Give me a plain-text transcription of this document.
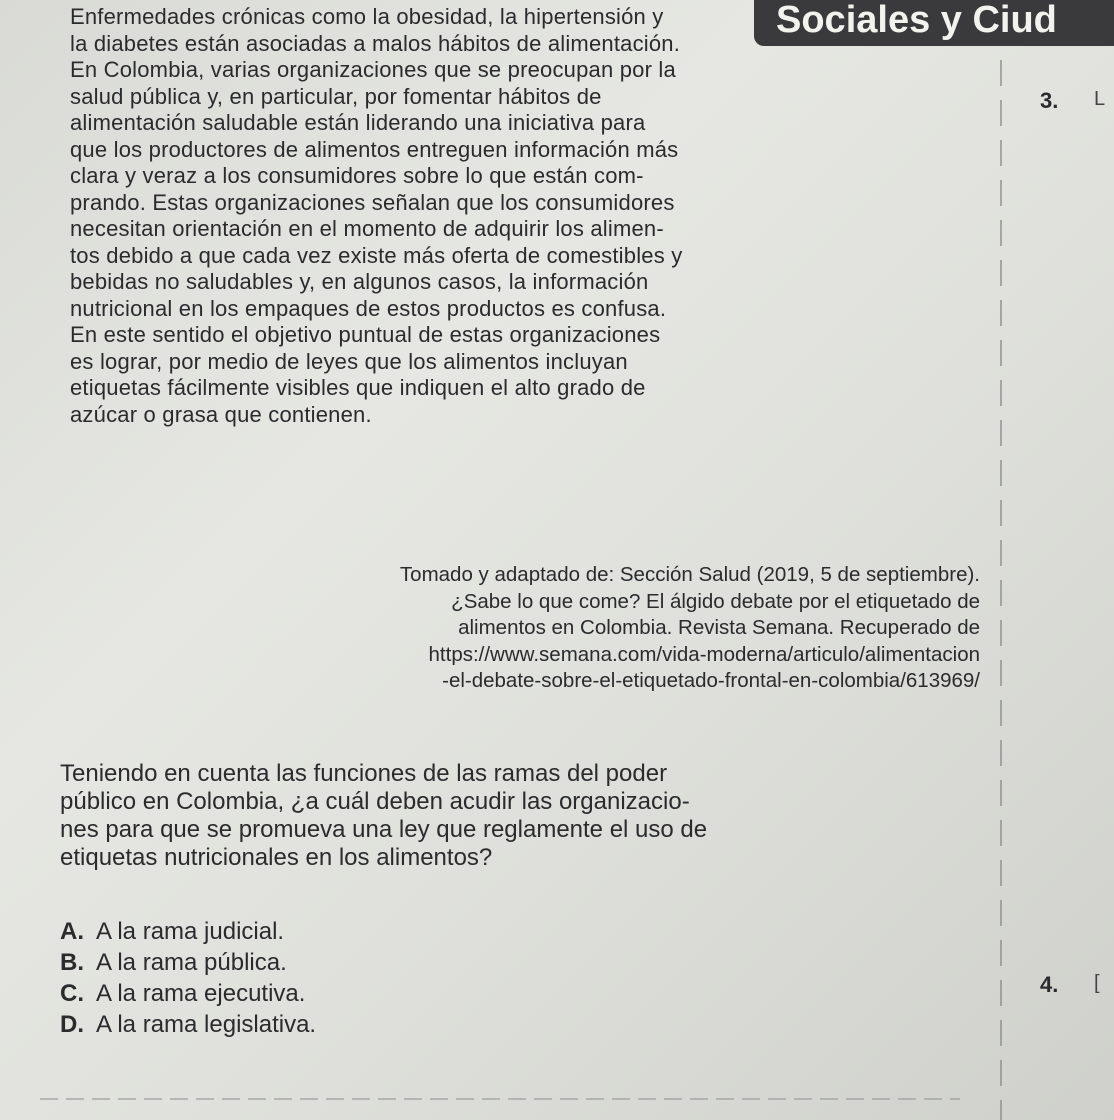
Sociales y Ciud
Enfermedades crónicas como la obesidad, la hipertensión y
la diabetes están asociadas a malos hábitos de alimentación.
En Colombia, varias organizaciones que se preocupan por la
salud pública y, en particular, por fomentar hábitos de
alimentación saludable están liderando una iniciativa para
que los productores de alimentos entreguen información más
clara y veraz a los consumidores sobre lo que están com-
prando. Estas organizaciones señalan que los consumidores
necesitan orientación en el momento de adquirir los alimen-
tos debido a que cada vez existe más oferta de comestibles y
bebidas no saludables y, en algunos casos, la información
nutricional en los empaques de estos productos es confusa.
En este sentido el objetivo puntual de estas organizaciones
es lograr, por medio de leyes que los alimentos incluyan
etiquetas fácilmente visibles que indiquen el alto grado de
azúcar o grasa que contienen.
Tomado y adaptado de: Sección Salud (2019, 5 de septiembre).
¿Sabe lo que come? El álgido debate por el etiquetado de
alimentos en Colombia. Revista Semana. Recuperado de
https://www.semana.com/vida-moderna/articulo/alimentacion
-el-debate-sobre-el-etiquetado-frontal-en-colombia/613969/
Teniendo en cuenta las funciones de las ramas del poder
público en Colombia, ¿a cuál deben acudir las organizacio-
nes para que se promueva una ley que reglamente el uso de
etiquetas nutricionales en los alimentos?
A. A la rama judicial.
B. A la rama pública.
C. A la rama ejecutiva.
D. A la rama legislativa.
3. L
4. [
